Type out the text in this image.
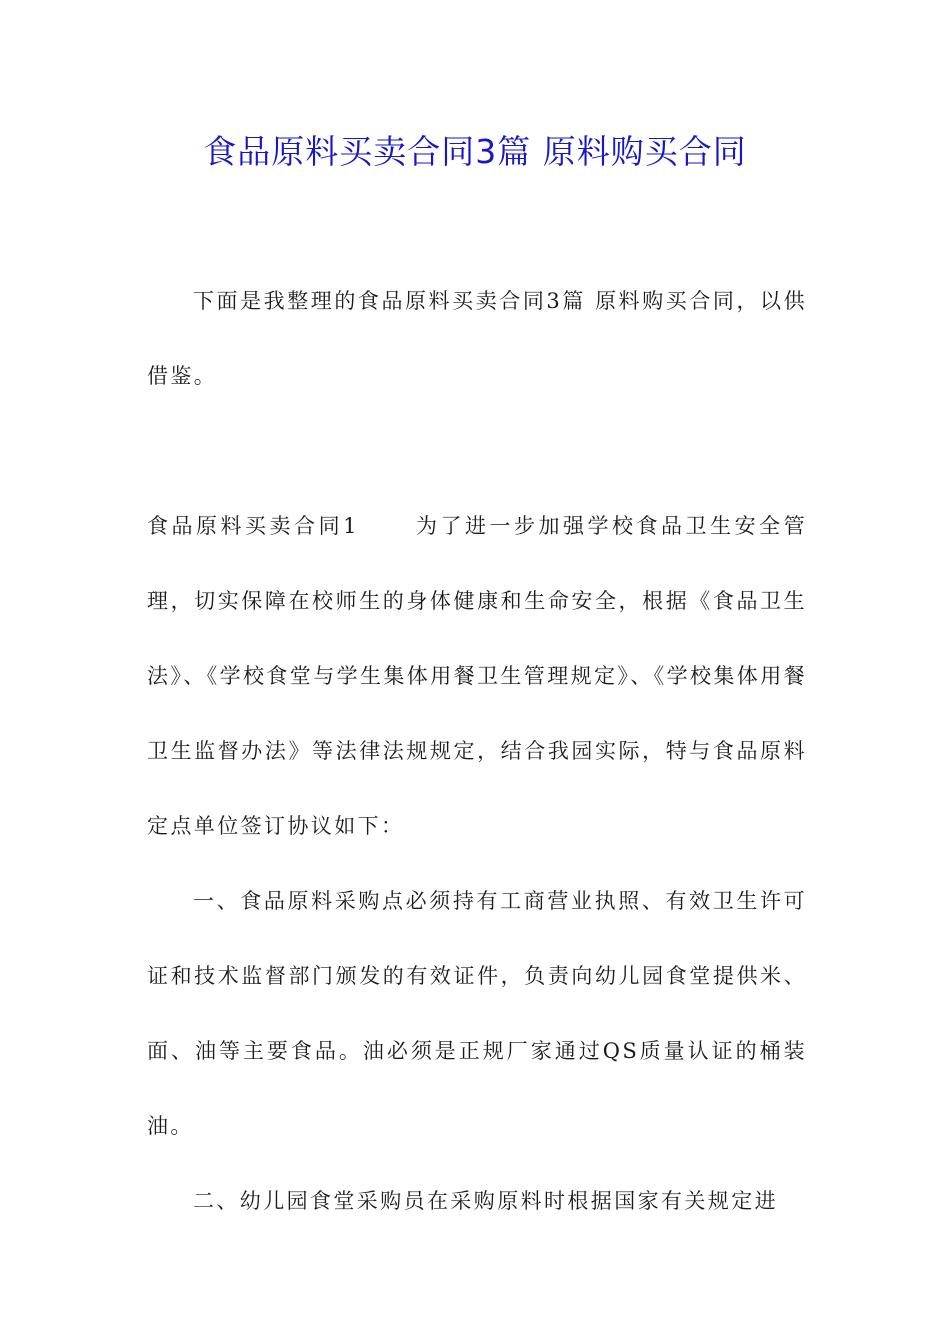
食品原料买卖合同3篇 原料购买合同

下面是我整理的食品原料买卖合同3篇 原料购买合同，以供借鉴。

食品原料买卖合同1	为了进一步加强学校食品卫生安全管理，切实保障在校师生的身体健康和生命安全，根据《食品卫生法》、《学校食堂与学生集体用餐卫生管理规定》、《学校集体用餐卫生监督办法》等法律法规规定，结合我园实际，特与食品原料定点单位签订协议如下：

一、食品原料采购点必须持有工商营业执照、有效卫生许可证和技术监督部门颁发的有效证件，负责向幼儿园食堂提供米、面、油等主要食品。油必须是正规厂家通过QS质量认证的桶装油。

二、幼儿园食堂采购员在采购原料时根据国家有关规定进
